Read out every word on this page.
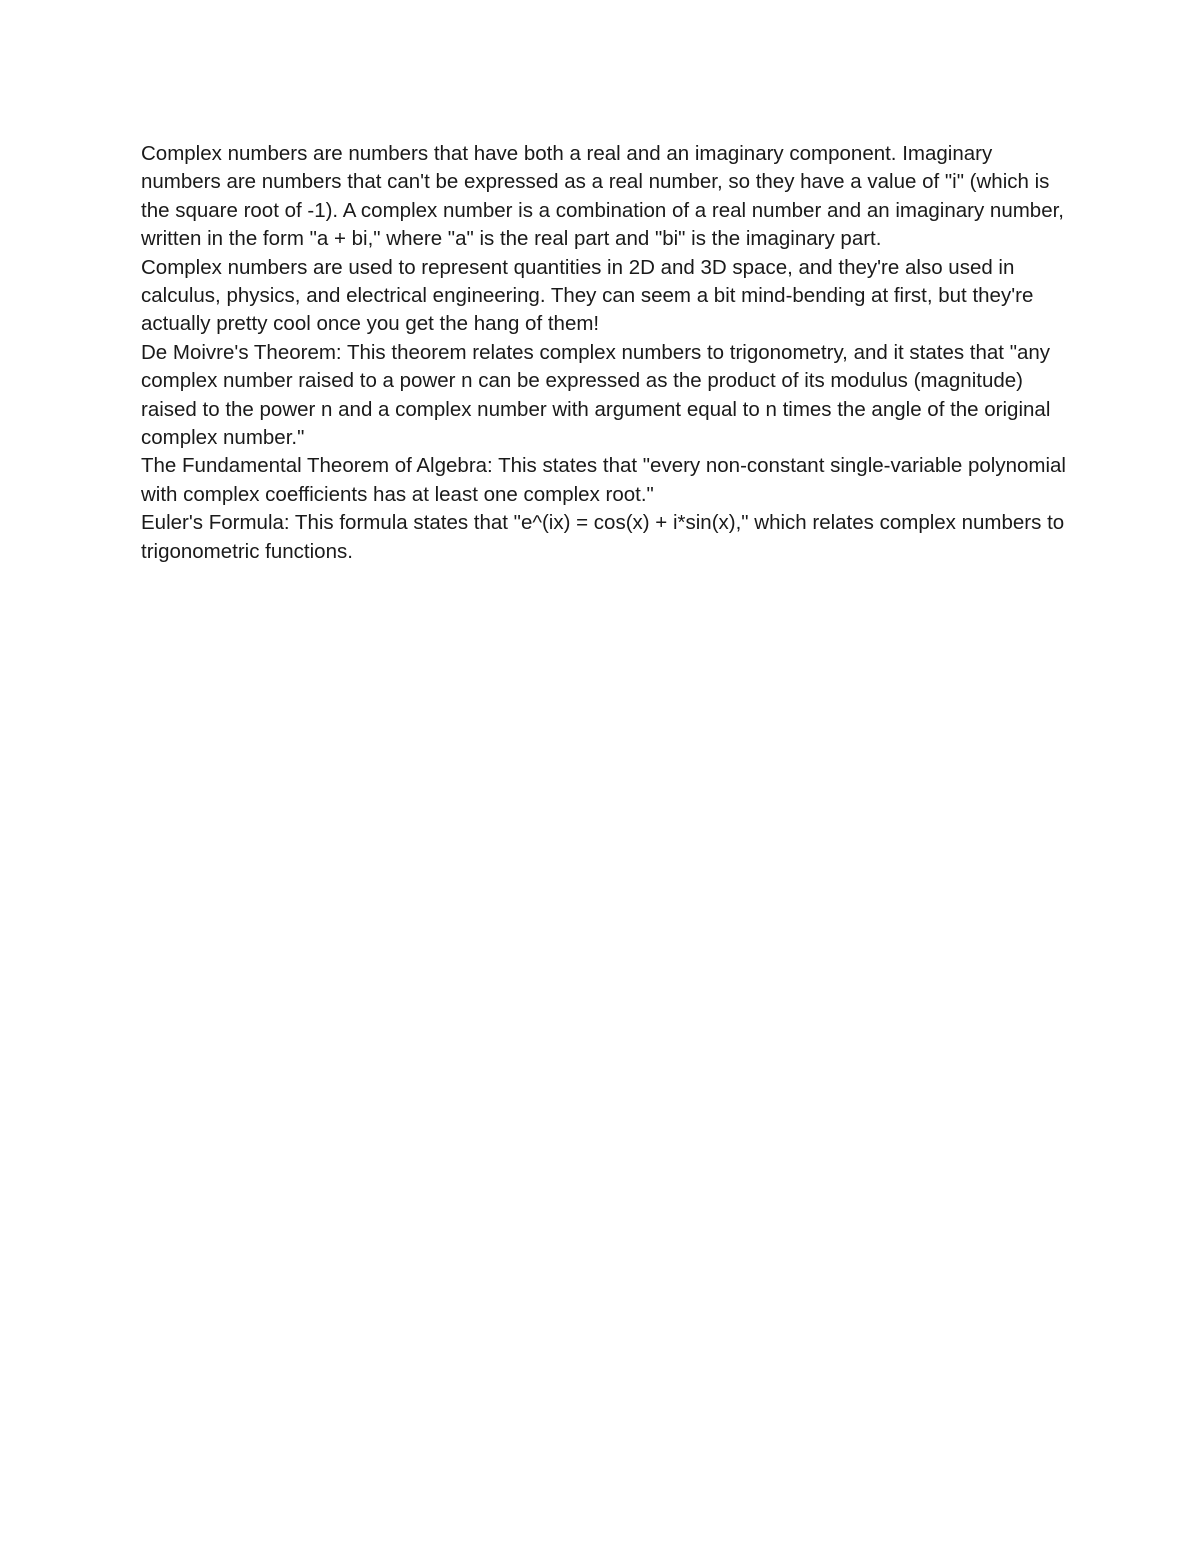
Complex numbers are numbers that have both a real and an imaginary component. Imaginary numbers are numbers that can't be expressed as a real number, so they have a value of "i" (which is the square root of -1). A complex number is a combination of a real number and an imaginary number, written in the form "a + bi," where "a" is the real part and "bi" is the imaginary part.

Complex numbers are used to represent quantities in 2D and 3D space, and they're also used in calculus, physics, and electrical engineering. They can seem a bit mind-bending at first, but they're actually pretty cool once you get the hang of them!

De Moivre's Theorem: This theorem relates complex numbers to trigonometry, and it states that "any complex number raised to a power n can be expressed as the product of its modulus (magnitude) raised to the power n and a complex number with argument equal to n times the angle of the original complex number."

The Fundamental Theorem of Algebra: This states that "every non-constant single-variable polynomial with complex coefficients has at least one complex root."

Euler's Formula: This formula states that "e^(ix) = cos(x) + i*sin(x)," which relates complex numbers to trigonometric functions.
